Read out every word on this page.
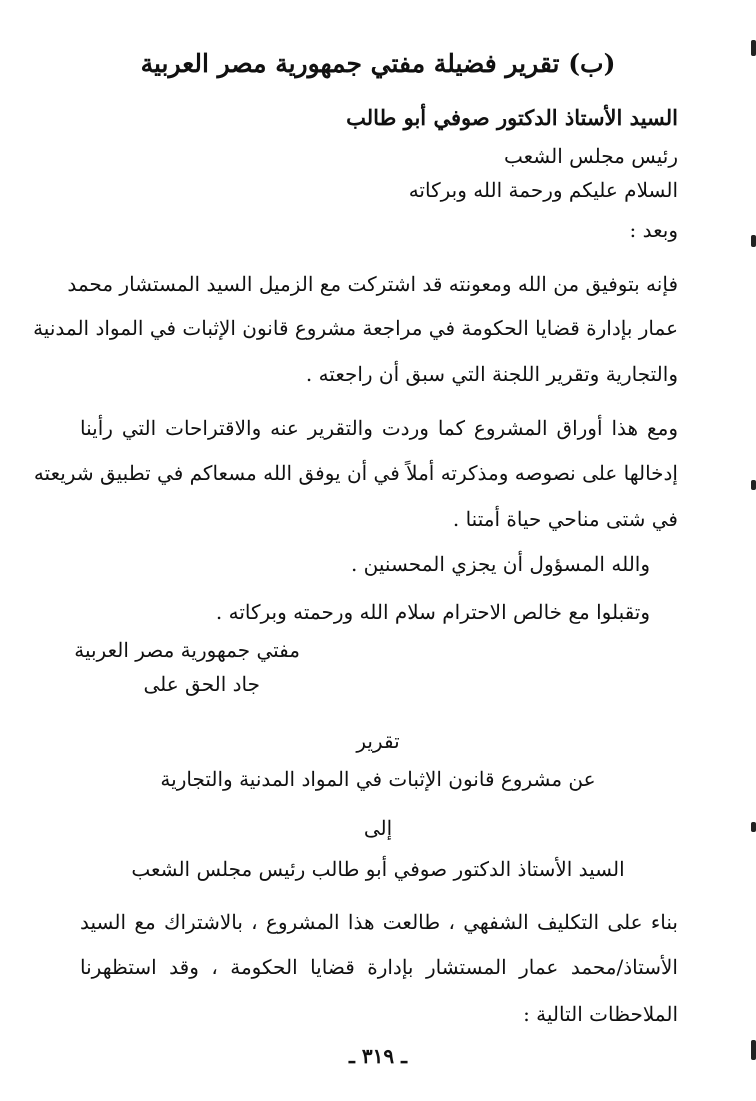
(ب) تقرير فضيلة مفتي جمهورية مصر العربية
السيد الأستاذ الدكتور صوفي أبو طالب
رئيس مجلس الشعب
السلام عليكم ورحمة الله وبركاته
وبعد :
فإنه بتوفيق من الله ومعونته قد اشتركت مع الزميل السيد المستشار محمد
عمار بإدارة قضايا الحكومة في مراجعة مشروع قانون الإثبات في المواد المدنية
والتجارية وتقرير اللجنة التي سبق أن راجعته .
ومع هذا أوراق المشروع كما وردت والتقرير عنه والاقتراحات التي رأينا
إدخالها على نصوصه ومذكرته أملاً في أن يوفق الله مسعاكم في تطبيق شريعته
في شتى مناحي حياة أمتنا .
والله المسؤول أن يجزي المحسنين .
وتقبلوا مع خالص الاحترام سلام الله ورحمته وبركاته .
مفتي جمهورية مصر العربية
جاد الحق على
تقرير
عن مشروع قانون الإثبات في المواد المدنية والتجارية
إلى
السيد الأستاذ الدكتور صوفي أبو طالب رئيس مجلس الشعب
بناء على التكليف الشفهي ، طالعت هذا المشروع ، بالاشتراك مع السيد
الأستاذ/محمد عمار المستشار بإدارة قضايا الحكومة ، وقد استظهرنا
الملاحظات التالية :
ـ ٣١٩ ـ
